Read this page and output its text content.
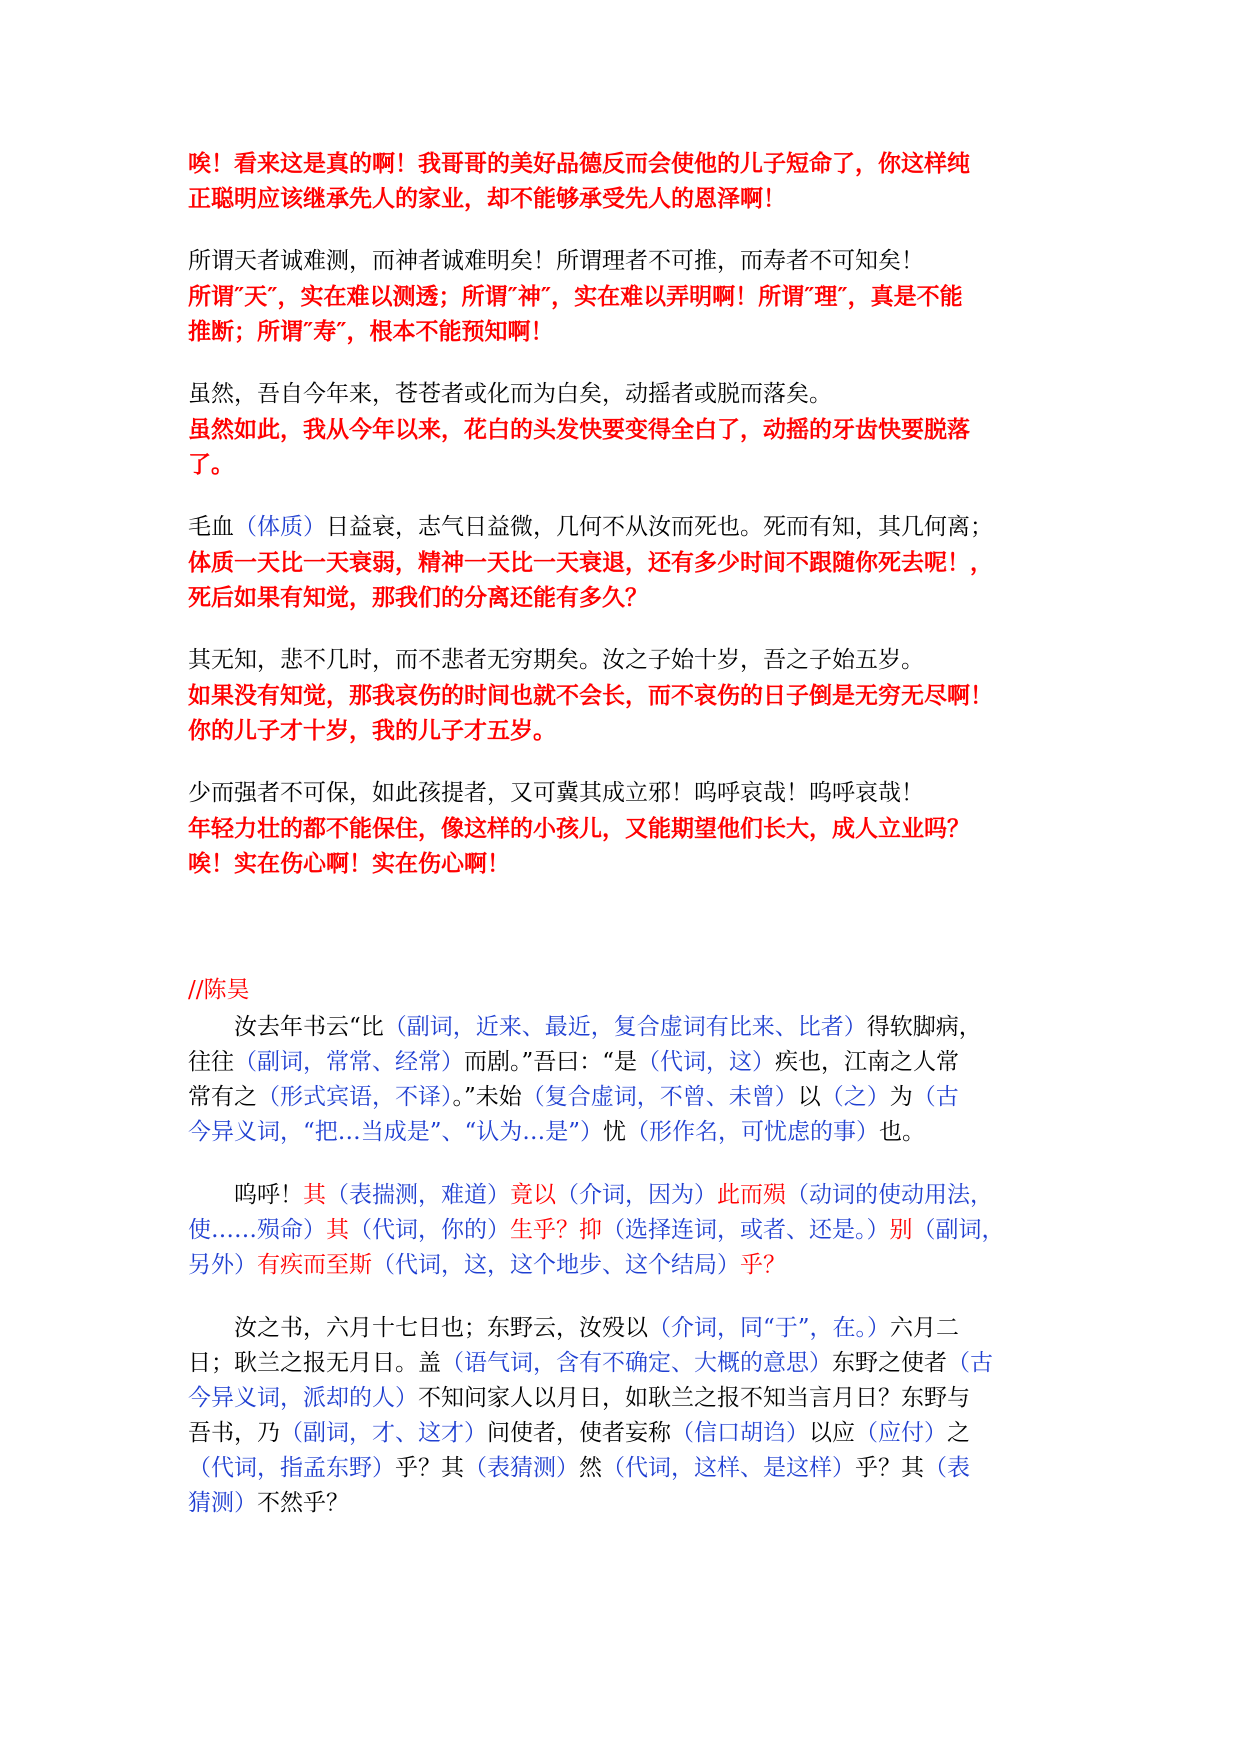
唉！看来这是真的啊！我哥哥的美好品德反而会使他的儿子短命了，你这样纯
正聪明应该继承先人的家业，却不能够承受先人的恩泽啊！
所谓天者诚难测，而神者诚难明矣！所谓理者不可推，而寿者不可知矣！
所谓″天″，实在难以测透；所谓″神″，实在难以弄明啊！所谓″理″，真是不能
推断；所谓″寿″，根本不能预知啊！
虽然，吾自今年来，苍苍者或化而为白矣，动摇者或脱而落矣。
虽然如此，我从今年以来，花白的头发快要变得全白了，动摇的牙齿快要脱落
了。
毛血（体质）日益衰，志气日益微，几何不从汝而死也。死而有知，其几何离；
体质一天比一天衰弱，精神一天比一天衰退，还有多少时间不跟随你死去呢！，
死后如果有知觉，那我们的分离还能有多久？
其无知，悲不几时，而不悲者无穷期矣。汝之子始十岁，吾之子始五岁。
如果没有知觉，那我哀伤的时间也就不会长，而不哀伤的日子倒是无穷无尽啊！
你的儿子才十岁，我的儿子才五岁。
少而强者不可保，如此孩提者，又可冀其成立邪！呜呼哀哉！呜呼哀哉！
年轻力壮的都不能保住，像这样的小孩儿，又能期望他们长大，成人立业吗？
唉！实在伤心啊！实在伤心啊！
//陈昊
　　汝去年书云“比（副词，近来、最近，复合虚词有比来、比者）得软脚病，
往往（副词，常常、经常）而剧。”吾曰：“是（代词，这）疾也，江南之人常
常有之（形式宾语，不译）。”未始（复合虚词，不曾、未曾）以（之）为（古
今异义词，“把…当成是”、“认为…是”）忧（形作名，可忧虑的事）也。
　　呜呼！其（表揣测，难道）竟以（介词，因为）此而殒（动词的使动用法，
使……殒命）其（代词，你的）生乎？抑（选择连词，或者、还是。）别（副词，
另外）有疾而至斯（代词，这，这个地步、这个结局）乎？
　　汝之书，六月十七日也；东野云，汝殁以（介词，同“于”，在。）六月二
日；耿兰之报无月日。盖（语气词，含有不确定、大概的意思）东野之使者（古
今异义词，派却的人）不知问家人以月日，如耿兰之报不知当言月日？东野与
吾书，乃（副词，才、这才）问使者，使者妄称（信口胡诌）以应（应付）之
（代词，指孟东野）乎？其（表猜测）然（代词，这样、是这样）乎？其（表
猜测）不然乎？
